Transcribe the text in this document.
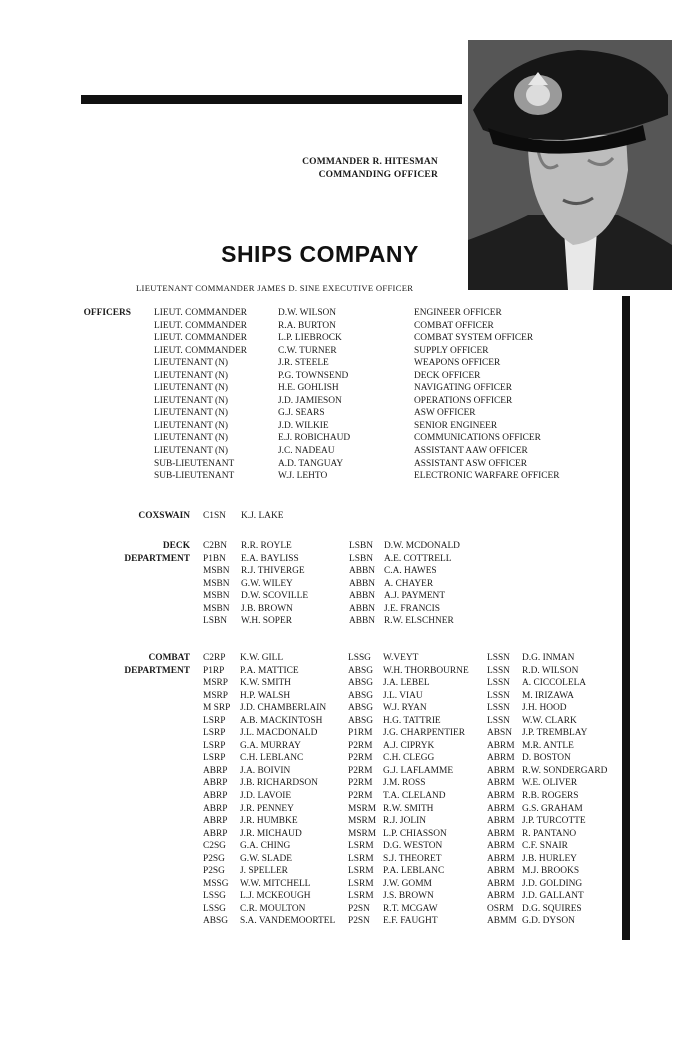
COMMANDER R. HITESMAN
COMMANDING OFFICER
SHIPS COMPANY
LIEUTENANT COMMANDER JAMES D. SINE EXECUTIVE OFFICER
OFFICERS LIEUT. COMMANDER
LIEUT. COMMANDER
LIEUT. COMMANDER
LIEUT. COMMANDER
LIEUTENANT (N)
LIEUTENANT (N)
LIEUTENANT (N)
LIEUTENANT (N)
LIEUTENANT (N)
LIEUTENANT (N)
LIEUTENANT (N)
LIEUTENANT (N)
SUB-LIEUTENANT
SUB-LIEUTENANT
D.W. WILSON
R.A. BURTON
L.P. LIEBROCK
C.W. TURNER
J.R. STEELE
P.G. TOWNSEND
H.E. GOHLISH
J.D. JAMIESON
G.J. SEARS
J.D. WILKIE
E.J. ROBICHAUD
J.C. NADEAU
A.D. TANGUAY
W.J. LEHTO
ENGINEER OFFICER
COMBAT OFFICER
COMBAT SYSTEM OFFICER
SUPPLY OFFICER
WEAPONS OFFICER
DECK OFFICER
NAVIGATING OFFICER
OPERATIONS OFFICER
ASW OFFICER
SENIOR ENGINEER
COMMUNICATIONS OFFICER
ASSISTANT AAW OFFICER
ASSISTANT ASW OFFICER
ELECTRONIC WARFARE OFFICER
COXSWAIN C1SN K.J. LAKE
DECK
DEPARTMENT
C2BN
P1BN
MSBN
MSBN
MSBN
MSBN
LSBN
R.R. ROYLE
E.A. BAYLISS
R.J. THIVERGE
G.W. WILEY
D.W. SCOVILLE
J.B. BROWN
W.H. SOPER
LSBN
LSBN
ABBN
ABBN
ABBN
ABBN
ABBN
D.W. MCDONALD
A.E. COTTRELL
C.A. HAWES
A. CHAYER
A.J. PAYMENT
J.E. FRANCIS
R.W. ELSCHNER
COMBAT
DEPARTMENT
C2RP
P1RP
MSRP
MSRP
M SRP
LSRP
LSRP
LSRP
LSRP
ABRP
ABRP
ABRP
ABRP
ABRP
ABRP
C2SG
P2SG
P2SG
MSSG
LSSG
LSSG
ABSG
K.W. GILL
P.A. MATTICE
K.W. SMITH
H.P. WALSH
J.D. CHAMBERLAIN
A.B. MACKINTOSH
J.L. MACDONALD
G.A. MURRAY
C.H. LEBLANC
J.A. BOIVIN
J.B. RICHARDSON
J.D. LAVOIE
J.R. PENNEY
J.R. HUMBKE
J.R. MICHAUD
G.A. CHING
G.W. SLADE
J. SPELLER
W.W. MITCHELL
L.J. MCKEOUGH
C.R. MOULTON
S.A. VANDEMOORTEL
LSSG
ABSG
ABSG
ABSG
ABSG
ABSG
P1RM
P2RM
P2RM
P2RM
P2RM
P2RM
MSRM
MSRM
MSRM
LSRM
LSRM
LSRM
LSRM
LSRM
P2SN
P2SN
W.VEYT
W.H. THORBOURNE
J.A. LEBEL
J.L. VIAU
W.J. RYAN
H.G. TATTRIE
J.G. CHARPENTIER
A.J. CIPRYK
C.H. CLEGG
G.J. LAFLAMME
J.M. ROSS
T.A. CLELAND
R.W. SMITH
R.J. JOLIN
L.P. CHIASSON
D.G. WESTON
S.J. THEORET
P.A. LEBLANC
J.W. GOMM
J.S. BROWN
R.T. MCGAW
E.F. FAUGHT
LSSN
LSSN
LSSN
LSSN
LSSN
LSSN
ABSN
ABRM
ABRM
ABRM
ABRM
ABRM
ABRM
ABRM
ABRM
ABRM
ABRM
ABRM
ABRM
ABRM
OSRM
ABMM
D.G. INMAN
R.D. WILSON
A. CICCOLELA
M. IRIZAWA
J.H. HOOD
W.W. CLARK
J.P. TREMBLAY
M.R. ANTLE
D. BOSTON
R.W. SONDERGARD
W.E. OLIVER
R.B. ROGERS
G.S. GRAHAM
J.P. TURCOTTE
R. PANTANO
C.F. SNAIR
J.B. HURLEY
M.J. BROOKS
J.D. GOLDING
J.D. GALLANT
D.G. SQUIRES
G.D. DYSON
